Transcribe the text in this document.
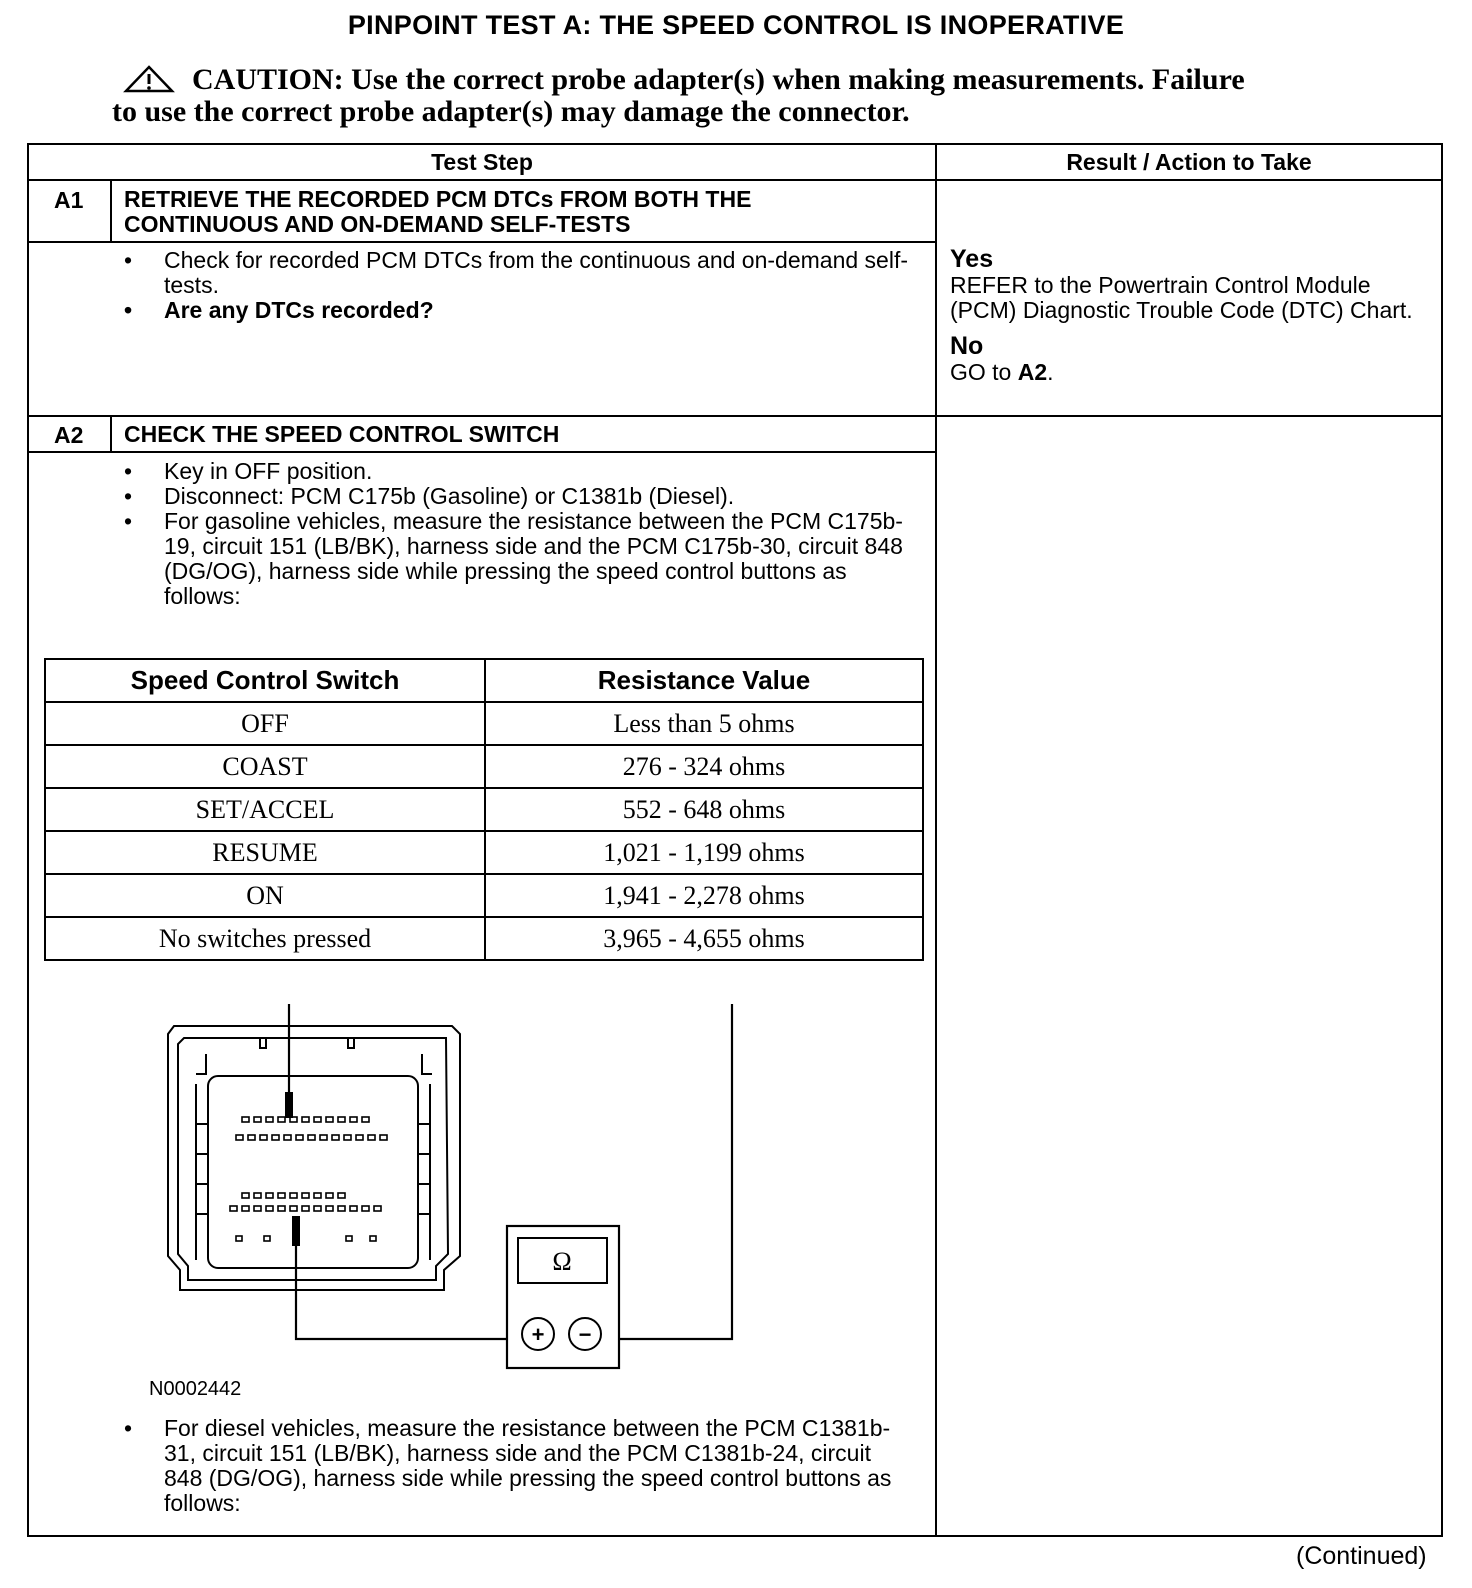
PINPOINT TEST A: THE SPEED CONTROL IS INOPERATIVE
CAUTION: Use the correct probe adapter(s) when making measurements. Failure
to use the correct probe adapter(s) may damage the connector.
Test Step	Result / Action to Take
A1 RETRIEVE THE RECORDED PCM DTCs FROM BOTH THE CONTINUOUS AND ON-DEMAND SELF-TESTS
• Check for recorded PCM DTCs from the continuous and on-demand self-tests.
• Are any DTCs recorded?
Yes
REFER to the Powertrain Control Module (PCM) Diagnostic Trouble Code (DTC) Chart.
No
GO to A2.
A2 CHECK THE SPEED CONTROL SWITCH
• Key in OFF position.
• Disconnect: PCM C175b (Gasoline) or C1381b (Diesel).
• For gasoline vehicles, measure the resistance between the PCM C175b-19, circuit 151 (LB/BK), harness side and the PCM C175b-30, circuit 848 (DG/OG), harness side while pressing the speed control buttons as follows:
Speed Control Switch	Resistance Value
OFF	Less than 5 ohms
COAST	276 - 324 ohms
SET/ACCEL	552 - 648 ohms
RESUME	1,021 - 1,199 ohms
ON	1,941 - 2,278 ohms
No switches pressed	3,965 - 4,655 ohms
Ω
+ −
N0002442
• For diesel vehicles, measure the resistance between the PCM C1381b-31, circuit 151 (LB/BK), harness side and the PCM C1381b-24, circuit 848 (DG/OG), harness side while pressing the speed control buttons as follows:
(Continued)
